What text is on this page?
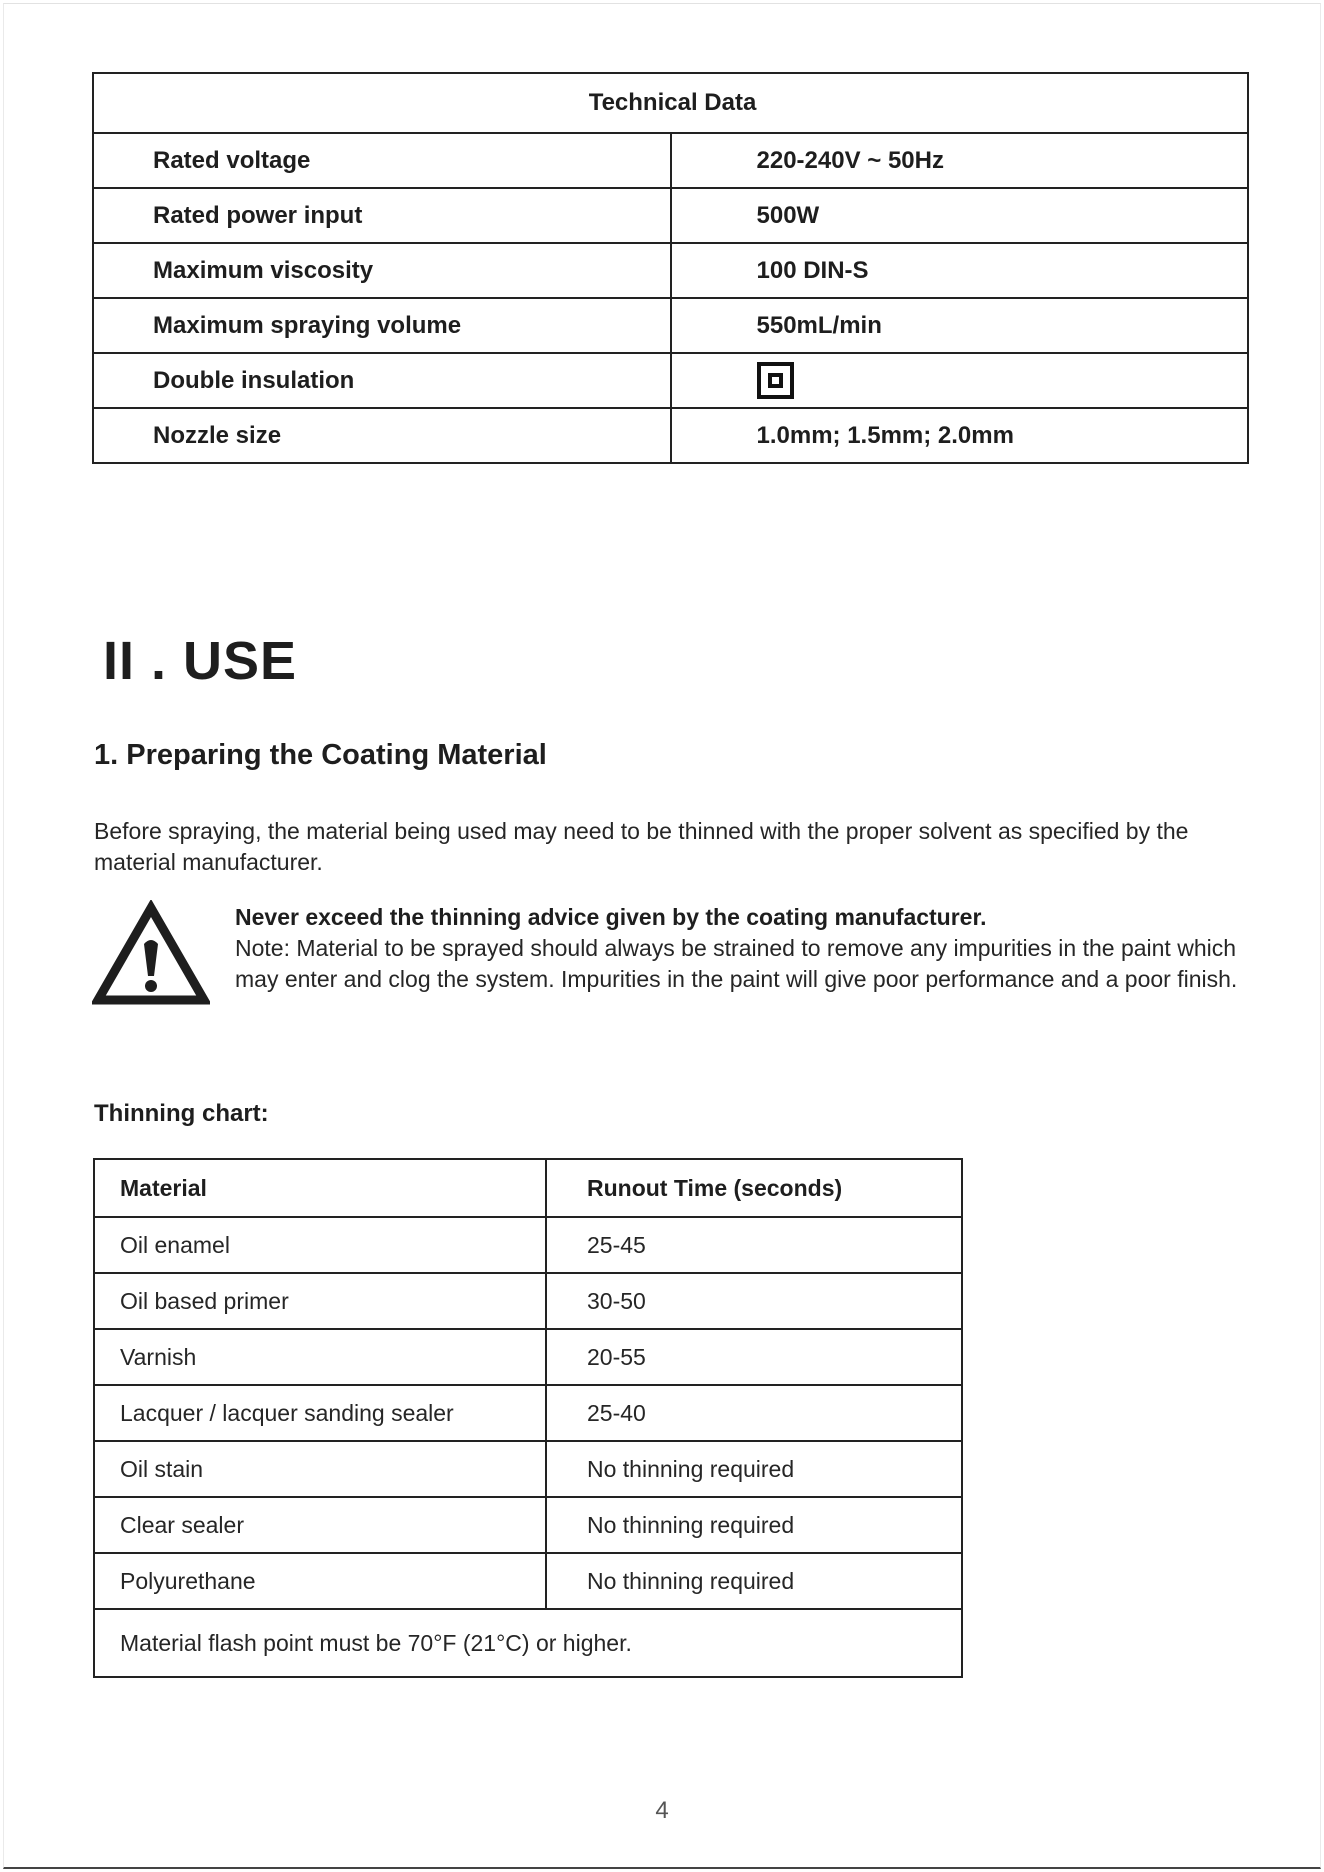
Technical Data	
Rated voltage	220-240V ~ 50Hz
Rated power input	500W
Maximum viscosity	100 DIN-S
Maximum spraying volume	550mL/min
Double insulation	

Nozzle size	1.0mm; 1.5mm; 2.0mm
II . USE
1. Preparing the Coating Material

Before spraying, the material being used may need to be thinned with the proper solvent as specified by the material manufacturer.

Never exceed the thinning advice given by the coating manufacturer.
Note: Material to be sprayed should always be strained to remove any impurities in the paint which may enter and clog the system. Impurities in the paint will give poor performance and a poor finish.
Thinning chart:
Material	Runout Time (seconds)
Oil enamel	25-45
Oil based primer	30-50
Varnish	20-55
Lacquer / lacquer sanding sealer	25-40
Oil stain	No thinning required
Clear sealer	No thinning required
Polyurethane	No thinning required
Material flash point must be 70°F (21°C) or higher.	
4
